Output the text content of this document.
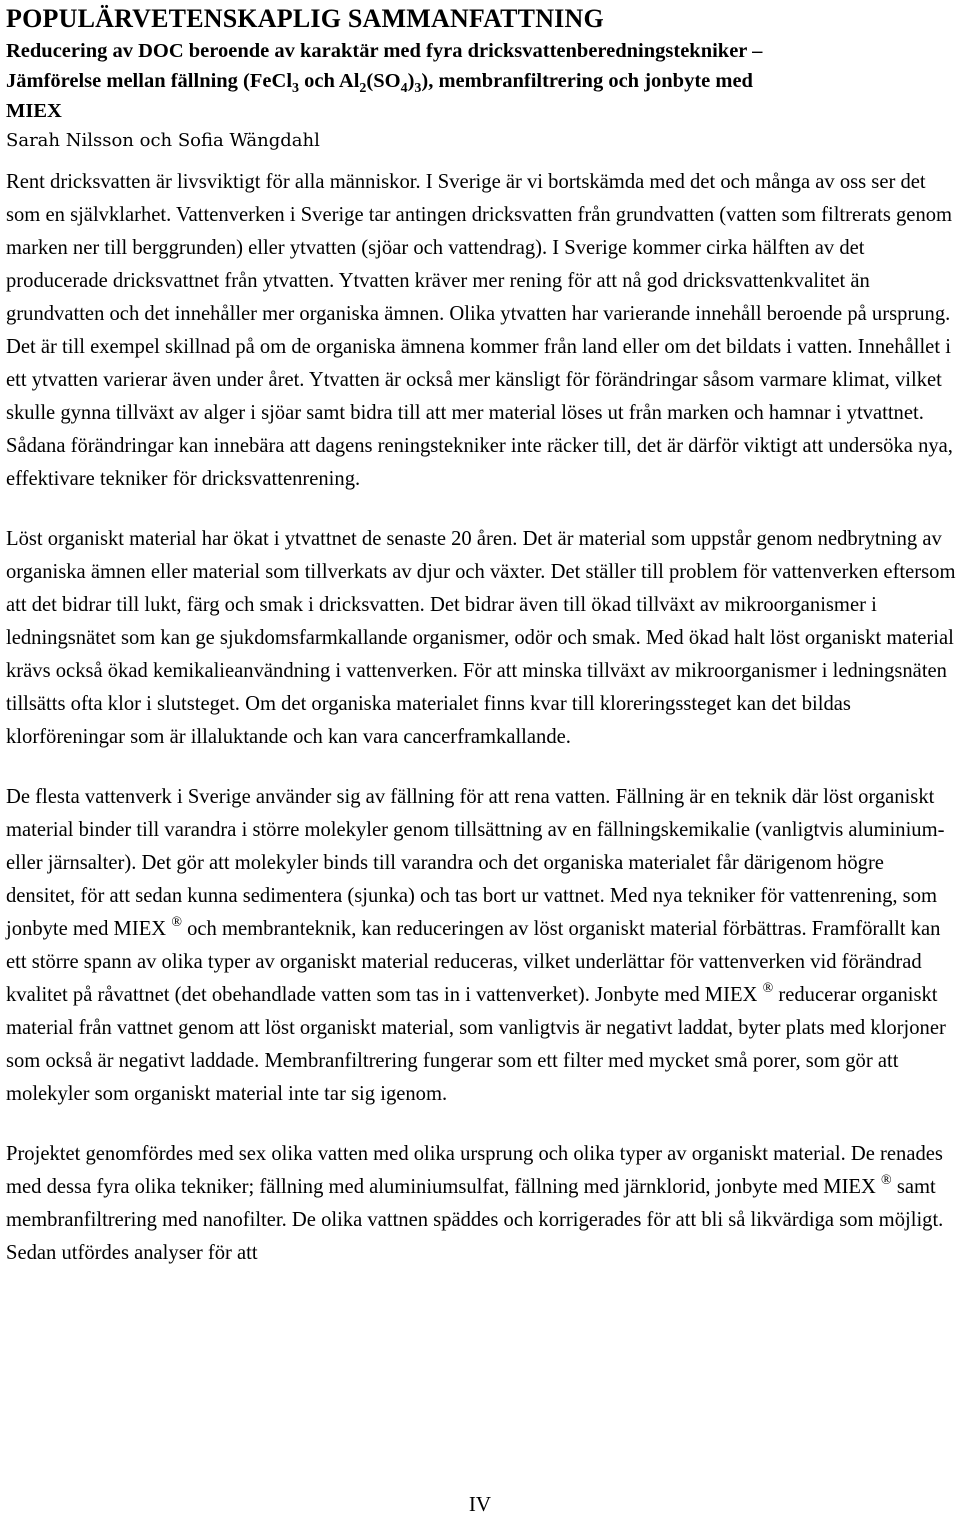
POPULÄRVETENSKAPLIG SAMMANFATTNING
Reducering av DOC beroende av karaktär med fyra dricksvattenberedningstekniker –
Jämförelse mellan fällning (FeCl$_3$ och $Al_2(SO_4)_3$), membranfiltrering och jonbyte med
MIEX

Sarah Nilsson och Sofia Wängdahl

Rent dricksvatten är livsviktigt för alla människor. I Sverige är vi bortskämda med det och många av oss ser det som en självklarhet. Vattenverken i Sverige tar antingen dricksvatten från grundvatten (vatten som filtrerats genom marken ner till berggrunden) eller ytvatten (sjöar och vattendrag). I Sverige kommer cirka hälften av det producerade dricksvattnet från ytvatten. Ytvatten kräver mer rening för att nå god dricksvattenkvalitet än grundvatten och det innehåller mer organiska ämnen. Olika ytvatten har varierande innehåll beroende på ursprung. Det är till exempel skillnad på om de organiska ämnena kommer från land eller om det bildats i vatten. Innehållet i ett ytvatten varierar även under året. Ytvatten är också mer känsligt för förändringar såsom varmare klimat, vilket skulle gynna tillväxt av alger i sjöar samt bidra till att mer material löses ut från marken och hamnar i ytvattnet. Sådana förändringar kan innebära att dagens reningstekniker inte räcker till, det är därför viktigt att undersöka nya, effektivare tekniker för dricksvattenrening.

Löst organiskt material har ökat i ytvattnet de senaste 20 åren. Det är material som uppstår genom nedbrytning av organiska ämnen eller material som tillverkats av djur och växter. Det ställer till problem för vattenverken eftersom att det bidrar till lukt, färg och smak i dricksvatten. Det bidrar även till ökad tillväxt av mikroorganismer i ledningsnätet som kan ge sjukdomsfarmkallande organismer, odör och smak. Med ökad halt löst organiskt material krävs också ökad kemikalieanvändning i vattenverken. För att minska tillväxt av mikroorganismer i ledningsnäten tillsätts ofta klor i slutsteget. Om det organiska materialet finns kvar till kloreringssteget kan det bildas klorföreningar som är illaluktande och kan vara cancerframkallande.

De flesta vattenverk i Sverige använder sig av fällning för att rena vatten. Fällning är en teknik där löst organiskt material binder till varandra i större molekyler genom tillsättning av en fällningskemikalie (vanligtvis aluminium- eller järnsalter). Det gör att molekyler binds till varandra och det organiska materialet får därigenom högre densitet, för att sedan kunna sedimentera (sjunka) och tas bort ur vattnet. Med nya tekniker för vattenrening, som jonbyte med MIEX ® och membranteknik, kan reduceringen av löst organiskt material förbättras. Framförallt kan ett större spann av olika typer av organiskt material reduceras, vilket underlättar för vattenverken vid förändrad kvalitet på råvattnet (det obehandlade vatten som tas in i vattenverket). Jonbyte med MIEX ® reducerar organiskt material från vattnet genom att löst organiskt material, som vanligtvis är negativt laddat, byter plats med klorjoner som också är negativt laddade. Membranfiltrering fungerar som ett filter med mycket små porer, som gör att molekyler som organiskt material inte tar sig igenom.

Projektet genomfördes med sex olika vatten med olika ursprung och olika typer av organiskt material. De renades med dessa fyra olika tekniker; fällning med aluminiumsulfat, fällning med järnklorid, jonbyte med MIEX ® samt membranfiltrering med nanofilter. De olika vattnen späddes och korrigerades för att bli så likvärdiga som möjligt. Sedan utfördes analyser för att

IV
